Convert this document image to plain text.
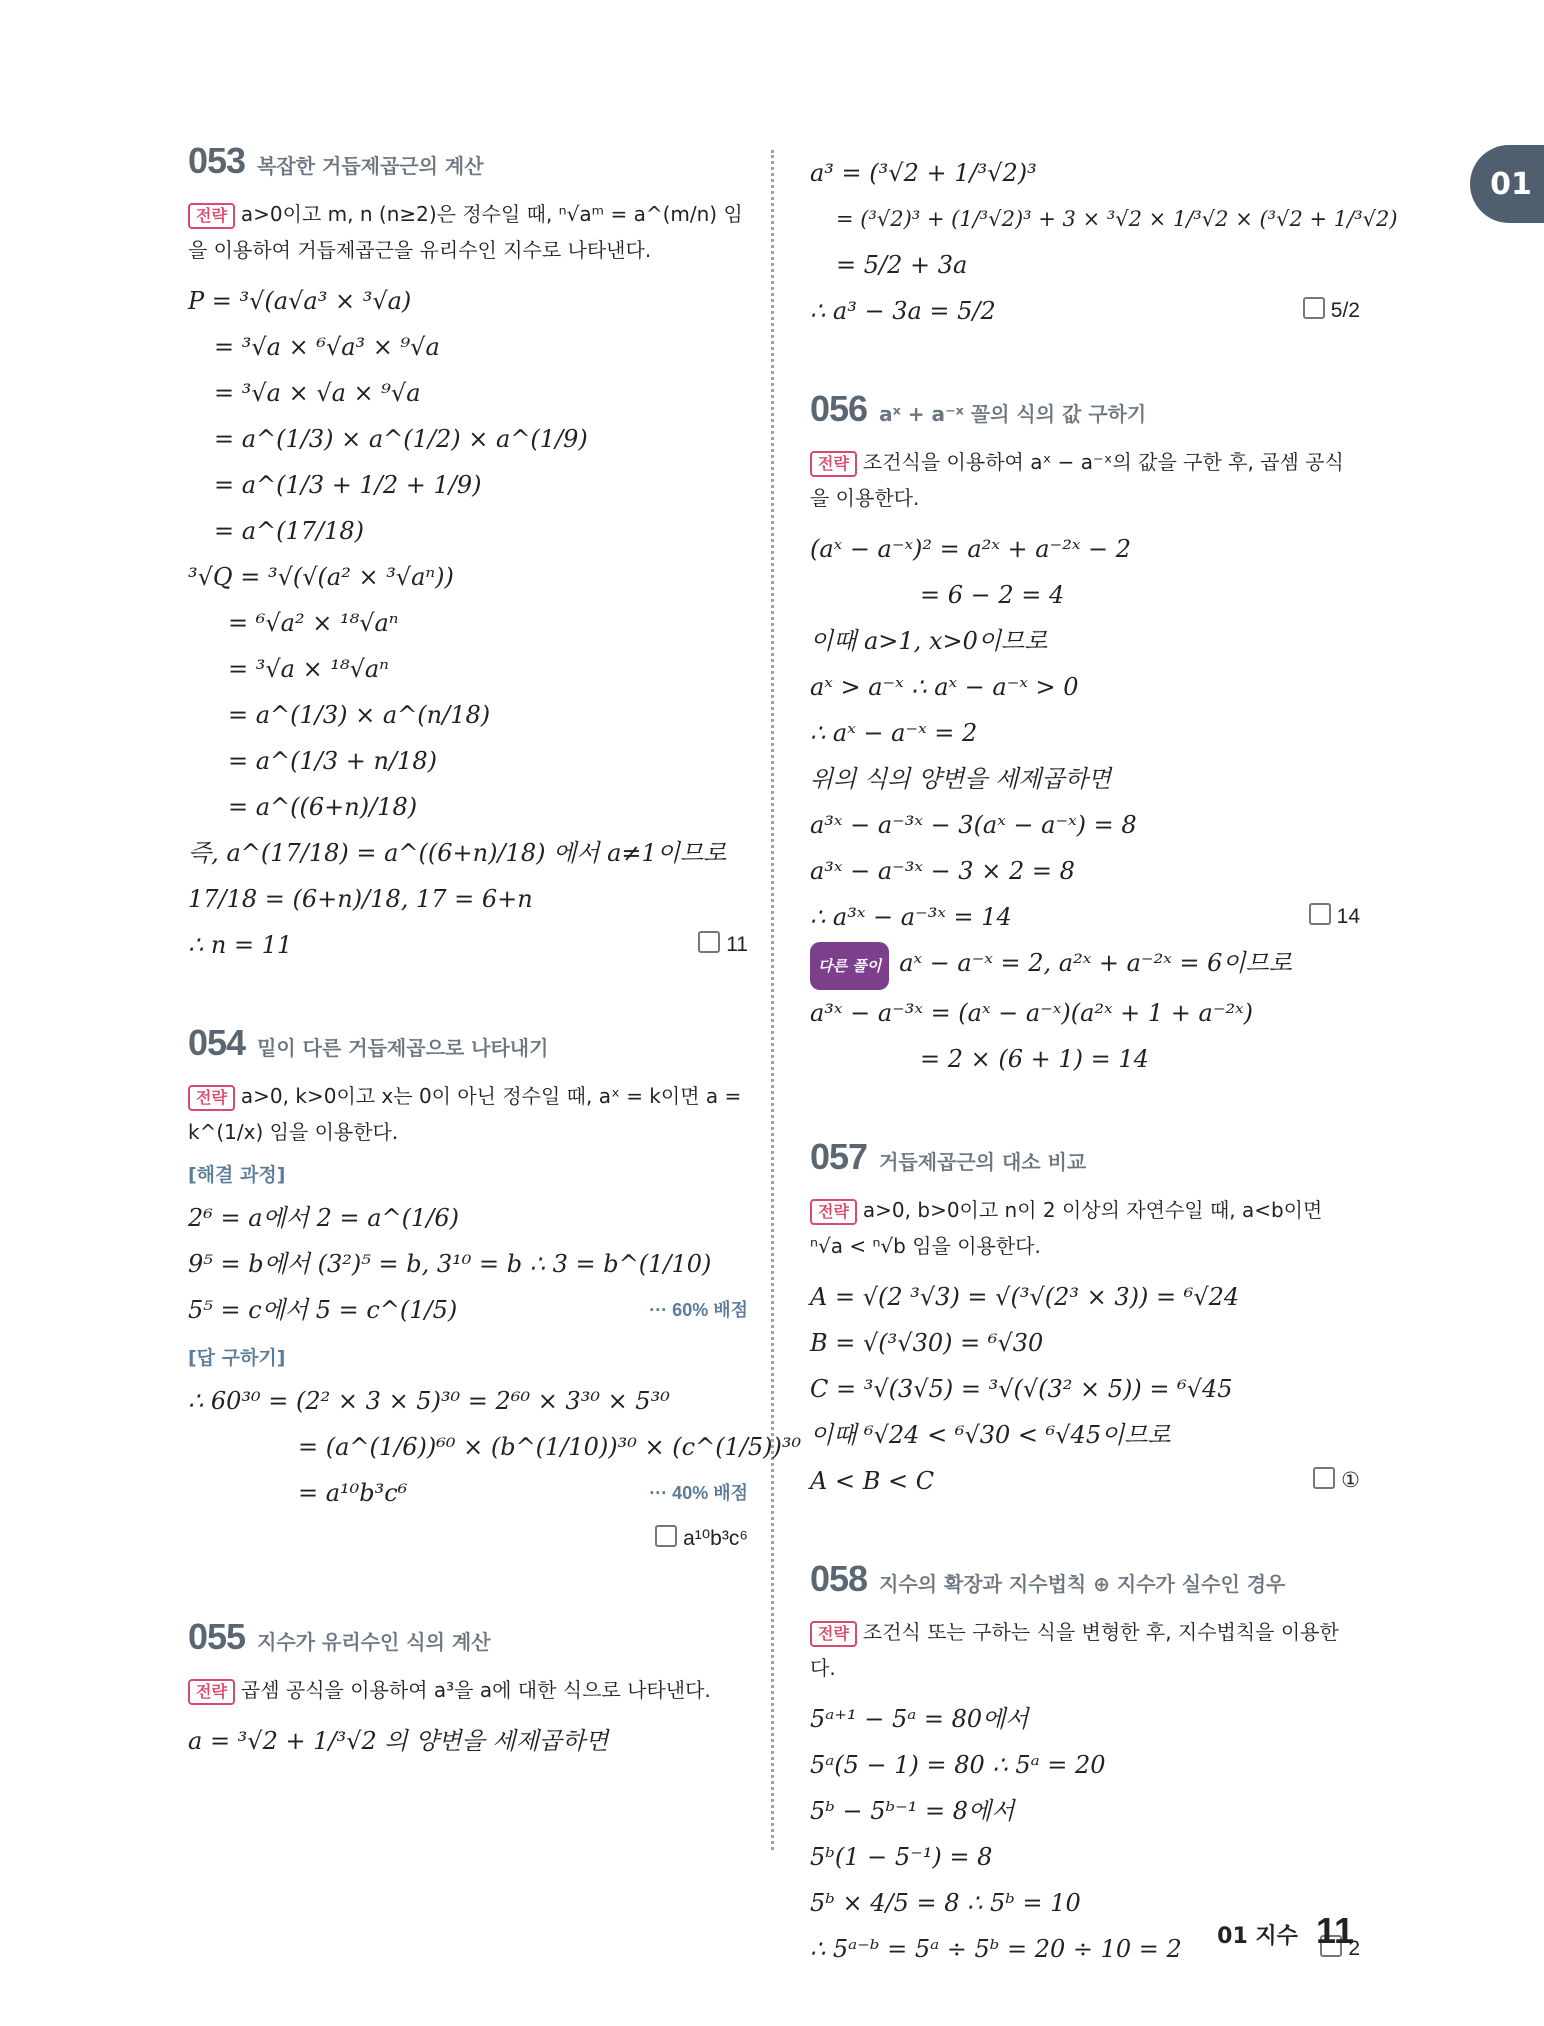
01
053 복잡한 거듭제곱근의 계산
전략 a>0이고 m, n (n≥2)은 정수일 때, ⁿ√aᵐ = a^(m/n) 임을 이용하여 거듭제곱근을 유리수인 지수로 나타낸다.
P = ³√(a√a³ × ³√a)
= ³√a × ⁶√a³ × ⁹√a
= ³√a × √a × ⁹√a
= a^(1/3) × a^(1/2) × a^(1/9)
= a^(1/3 + 1/2 + 1/9)
= a^(17/18)
³√Q = ³√(√(a² × ³√aⁿ))
= ⁶√a² × ¹⁸√aⁿ
= ³√a × ¹⁸√aⁿ
= a^(1/3) × a^(n/18)
= a^(1/3 + n/18)
= a^((6+n)/18)
즉, a^(17/18) = a^((6+n)/18) 에서 a≠1이므로
17/18 = (6+n)/18, 17 = 6+n
∴ n = 11	11
054 밑이 다른 거듭제곱으로 나타내기
전략 a>0, k>0이고 x는 0이 아닌 정수일 때, aˣ = k이면 a = k^(1/x) 임을 이용한다.
[해결 과정]
2⁶ = a에서 2 = a^(1/6)
9⁵ = b에서 (3²)⁵ = b, 3¹⁰ = b ∴ 3 = b^(1/10)
5⁵ = c에서 5 = c^(1/5)	··· 60% 배점
[답 구하기]
∴ 60³⁰ = (2² × 3 × 5)³⁰ = 2⁶⁰ × 3³⁰ × 5³⁰
= (a^(1/6))⁶⁰ × (b^(1/10))³⁰ × (c^(1/5))³⁰
= a¹⁰b³c⁶	··· 40% 배점

a¹⁰b³c⁶
055 지수가 유리수인 식의 계산
전략 곱셈 공식을 이용하여 a³을 a에 대한 식으로 나타낸다.
a = ³√2 + 1/³√2 의 양변을 세제곱하면
a³ = (³√2 + 1/³√2)³
= (³√2)³ + (1/³√2)³ + 3 × ³√2 × 1/³√2 × (³√2 + 1/³√2)
= 5/2 + 3a
∴ a³ − 3a = 5/2	5/2
056 aˣ + a⁻ˣ 꼴의 식의 값 구하기
전략 조건식을 이용하여 aˣ − a⁻ˣ의 값을 구한 후, 곱셈 공식을 이용한다.
(aˣ − a⁻ˣ)² = a²ˣ + a⁻²ˣ − 2
= 6 − 2 = 4
이때 a>1, x>0이므로
aˣ > a⁻ˣ ∴ aˣ − a⁻ˣ > 0
∴ aˣ − a⁻ˣ = 2
위의 식의 양변을 세제곱하면
a³ˣ − a⁻³ˣ − 3(aˣ − a⁻ˣ) = 8
a³ˣ − a⁻³ˣ − 3 × 2 = 8
∴ a³ˣ − a⁻³ˣ = 14	14
다른 풀이 aˣ − a⁻ˣ = 2, a²ˣ + a⁻²ˣ = 6이므로
a³ˣ − a⁻³ˣ = (aˣ − a⁻ˣ)(a²ˣ + 1 + a⁻²ˣ)
= 2 × (6 + 1) = 14
057 거듭제곱근의 대소 비교
전략 a>0, b>0이고 n이 2 이상의 자연수일 때, a<b이면 ⁿ√a < ⁿ√b 임을 이용한다.
A = √(2 ³√3) = √(³√(2³ × 3)) = ⁶√24
B = √(³√30) = ⁶√30
C = ³√(3√5) = ³√(√(3² × 5)) = ⁶√45
이때 ⁶√24 < ⁶√30 < ⁶√45이므로
A < B < C	①
058 지수의 확장과 지수법칙 ⊕ 지수가 실수인 경우
전략 조건식 또는 구하는 식을 변형한 후, 지수법칙을 이용한다.
5ᵃ⁺¹ − 5ᵃ = 80에서
5ᵃ(5 − 1) = 80 ∴ 5ᵃ = 20
5ᵇ − 5ᵇ⁻¹ = 8에서
5ᵇ(1 − 5⁻¹) = 8
5ᵇ × 4/5 = 8 ∴ 5ᵇ = 10
∴ 5ᵃ⁻ᵇ = 5ᵃ ÷ 5ᵇ = 20 ÷ 10 = 2	2
01 지수 11
